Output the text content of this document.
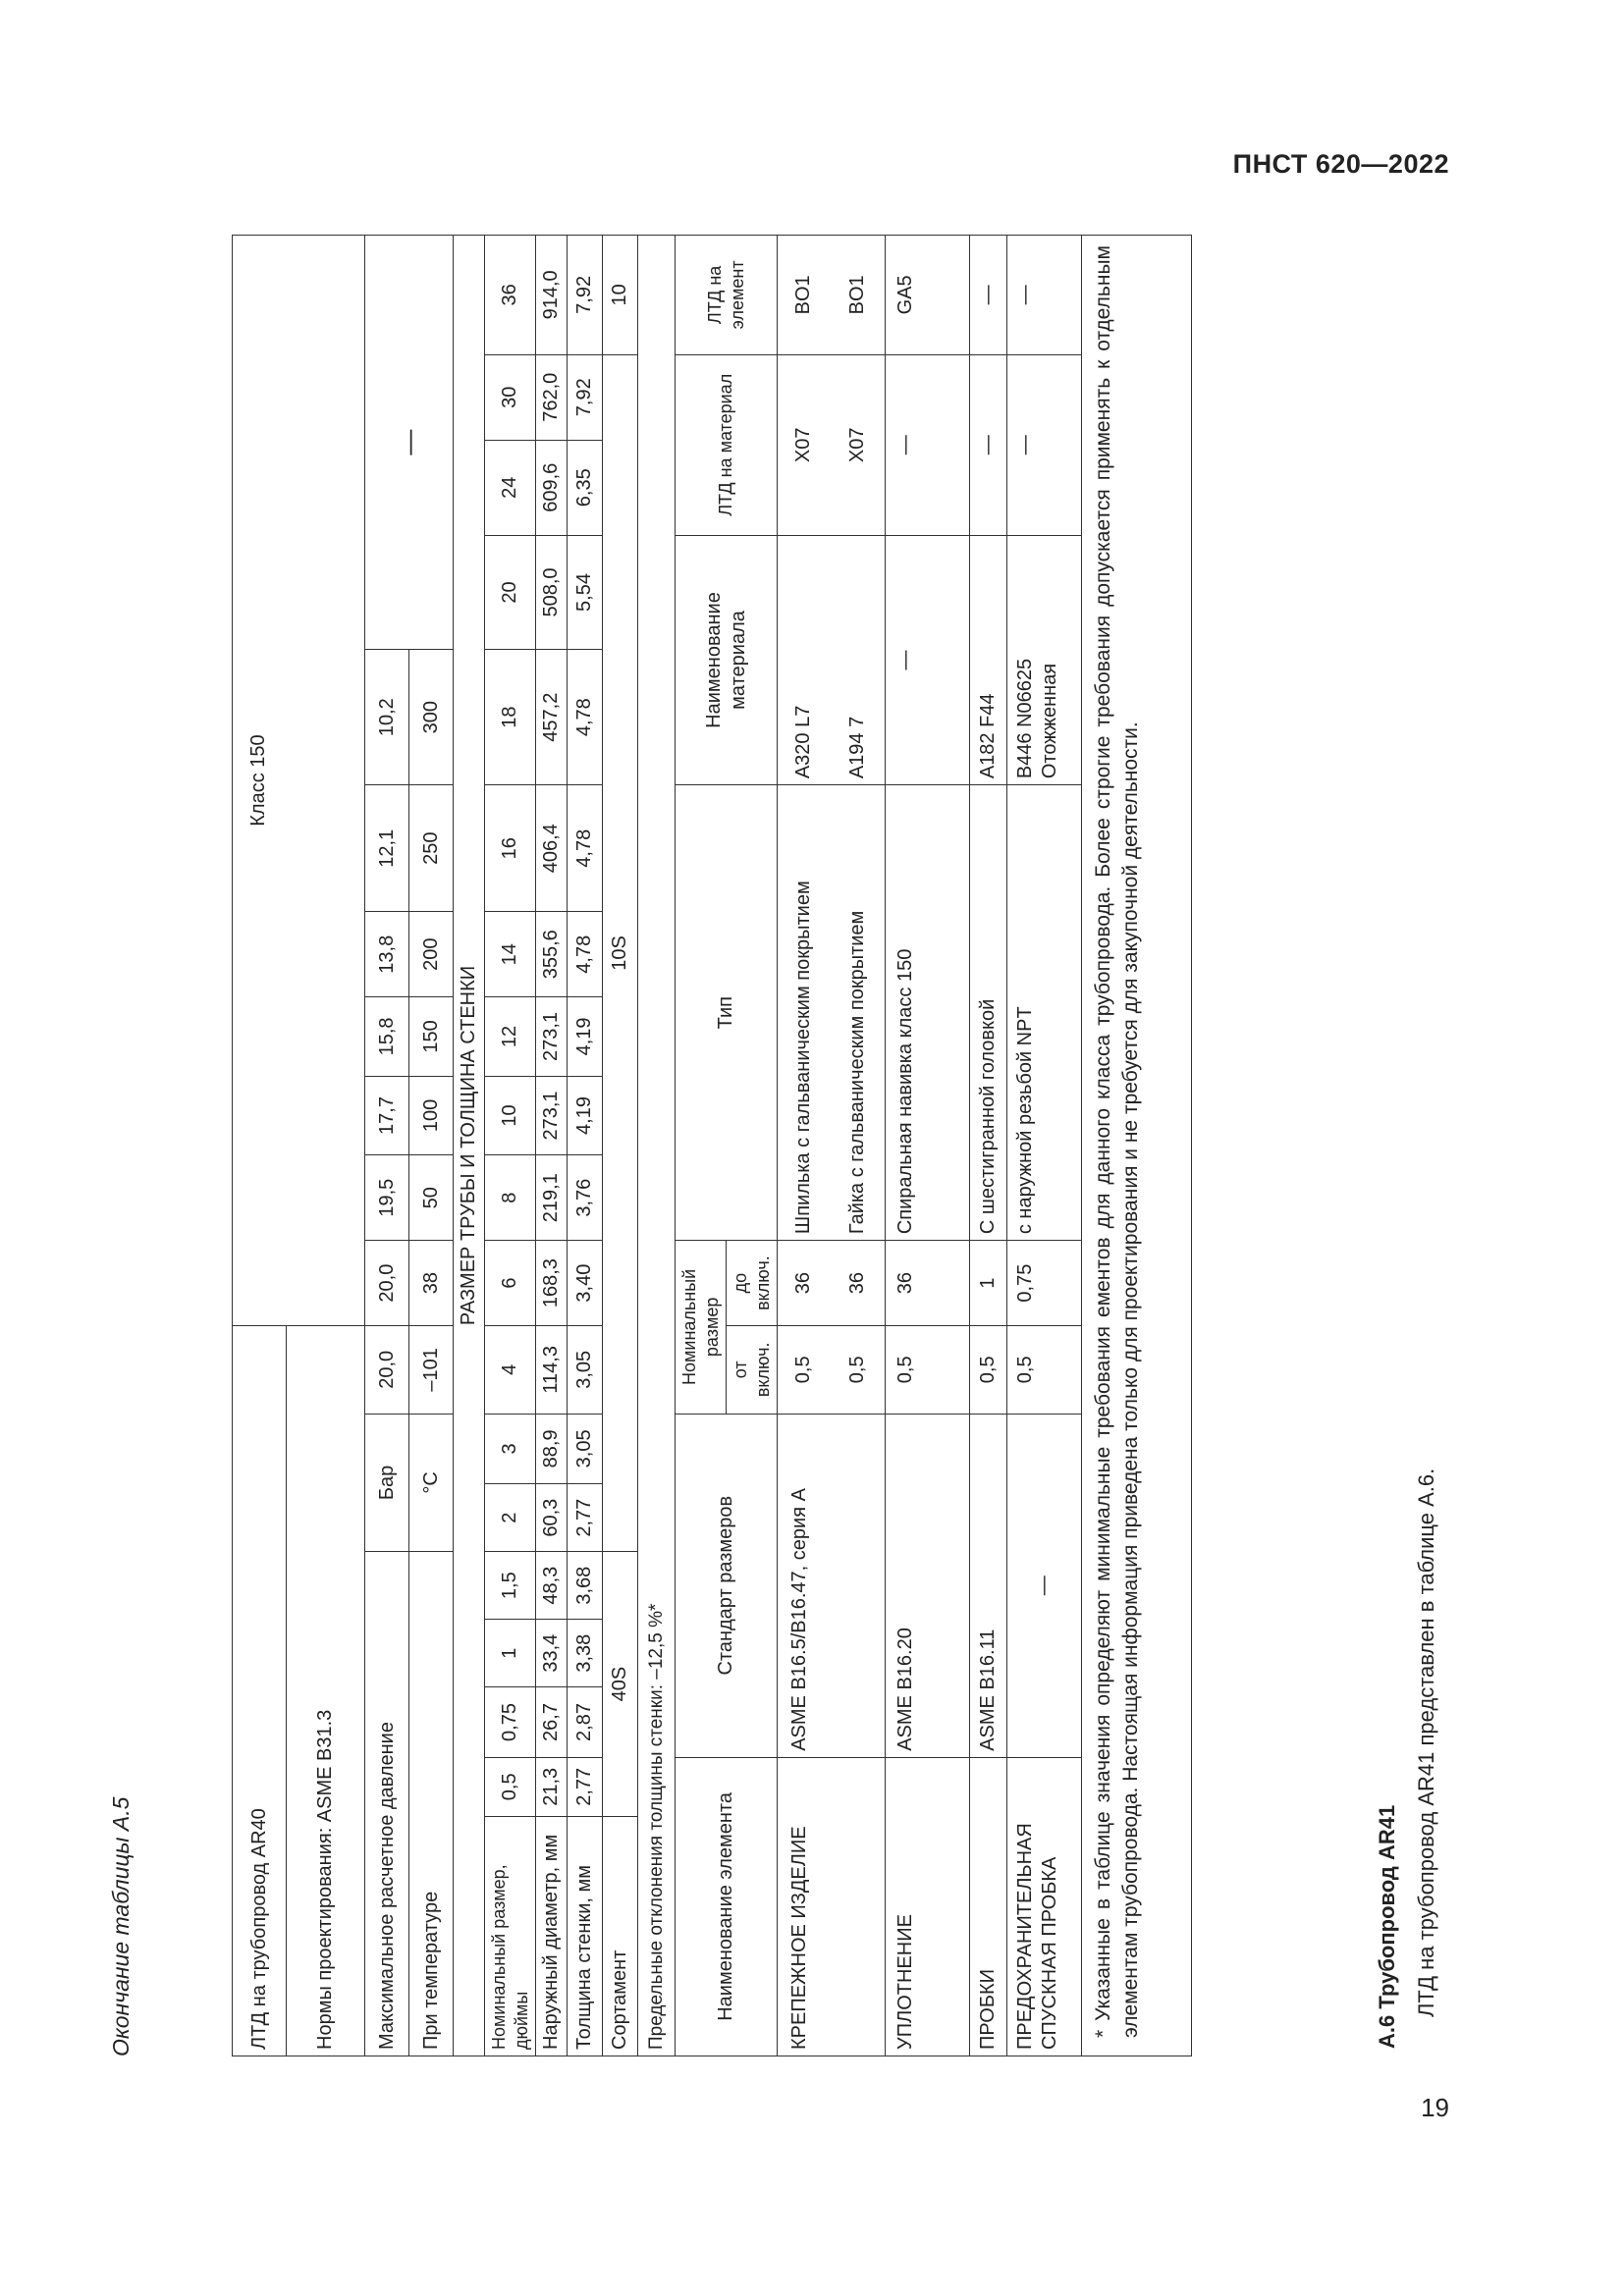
ПНСТ 620—2022
19
Окончание таблицы А.5	ЛТД на трубопровод AR40								Класс 150										
Нормы проектирования: ASME B31.3																		
Максимальное расчетное давление					Бар		20,0	20,0	19,5	17,7	15,8	13,8	12,1	10,2	—			
При температуре					°C		–101	38	50	100	150	200	250	300				
РАЗМЕР ТРУБЫ И ТОЛЩИНА СТЕНКИ																		
Номинальный размер, дюймы	0,5	0,75	1	1,5	2	3	4	6	8	10	12	14	16	18	20	24	30	36
Наружный диаметр, мм	21,3	26,7	33,4	48,3	60,3	88,9	114,3	168,3	219,1	273,1	273,1	355,6	406,4	457,2	508,0	609,6	762,0	914,0
Толщина стенки, мм	2,77	2,87	3,38	3,68	2,77	3,05	3,05	3,40	3,76	4,19	4,19	4,78	4,78	4,78	5,54	6,35	7,92	7,92
Сортамент	40S				10S													10
Предельные отклонения толщины стенки: –12,5 %*																		
Наименование элемента		Стандарт размеров					Номинальный размер		Тип					Наименование материала		ЛТД на материал		ЛТД на элемент
							от включ.	до включ.										
КРЕПЕЖНОЕ ИЗДЕЛИЕ		ASME B16.5/B16.47, серия A					0,5	36	Шпилька с гальваническим покрытием					A320 L7		X07		BO1
							0,5	36	Гайка с гальваническим покрытием					A194 7		X07		BO1
УПЛОТНЕНИЕ		ASME B16.20					0,5	36	Спиральная навивка класс 150					—		—		GA5
ПРОБКИ		ASME B16.11					0,5	1	С шестигранной головкой					A182 F44		—		—
ПРЕДОХРАНИТЕЛЬНАЯ СПУСКНАЯ ПРОБКА		—					0,5	0,75	с наружной резьбой NPT					B446 N06625 Отожженная		—		—
* Указанные в таблице значения определяют минимальные требования ементов для данного класса трубопровода. Более строгие требования допускается применять к отдельным элементам трубопровода. Настоящая информация приведена только для проектирования и не требуется для закупочной деятельности.																			А.6 Трубопровод AR41 ЛТД на трубопровод AR41 представлен в таблице А.6.
